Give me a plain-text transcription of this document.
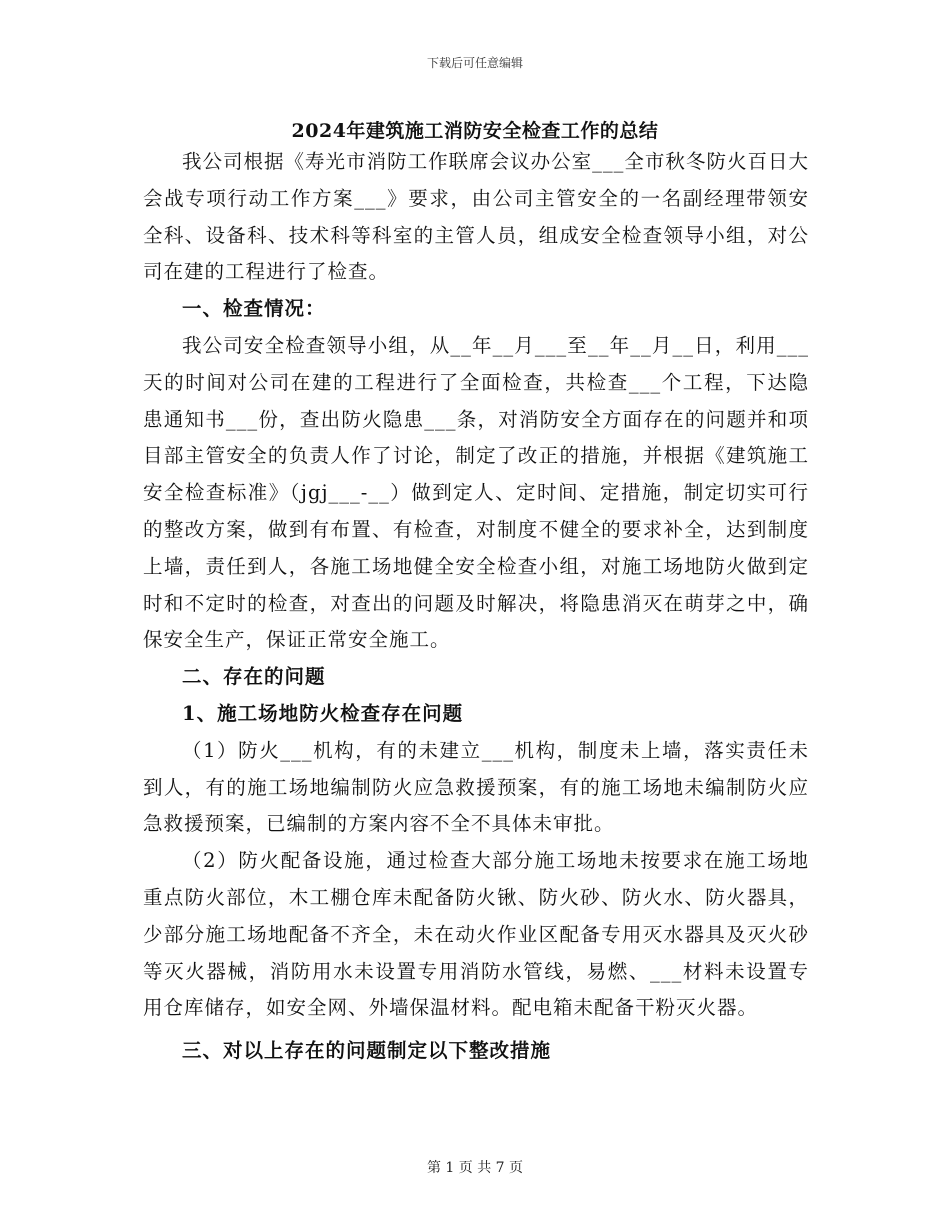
下载后可任意编辑
2024年建筑施工消防安全检查工作的总结

我公司根据《寿光市消防工作联席会议办公室___全市秋冬防火百日大会战专项行动工作方案___》要求，由公司主管安全的一名副经理带领安全科、设备科、技术科等科室的主管人员，组成安全检查领导小组，对公司在建的工程进行了检查。

一、检查情况：

我公司安全检查领导小组，从__年__月___至__年__月__日，利用___天的时间对公司在建的工程进行了全面检查，共检查___个工程，下达隐患通知书___份，查出防火隐患___条，对消防安全方面存在的问题并和项目部主管安全的负责人作了讨论，制定了改正的措施，并根据《建筑施工安全检查标准》（jgj___-__）做到定人、定时间、定措施，制定切实可行的整改方案，做到有布置、有检查，对制度不健全的要求补全，达到制度上墙，责任到人，各施工场地健全安全检查小组，对施工场地防火做到定时和不定时的检查，对查出的问题及时解决，将隐患消灭在萌芽之中，确保安全生产，保证正常安全施工。

二、存在的问题

1、施工场地防火检查存在问题

（1）防火___机构，有的未建立___机构，制度未上墙，落实责任未到人，有的施工场地编制防火应急救援预案，有的施工场地未编制防火应急救援预案，已编制的方案内容不全不具体未审批。

（2）防火配备设施，通过检查大部分施工场地未按要求在施工场地重点防火部位，木工棚仓库未配备防火锹、防火砂、防火水、防火器具，少部分施工场地配备不齐全，未在动火作业区配备专用灭水器具及灭火砂等灭火器械，消防用水未设置专用消防水管线，易燃、___材料未设置专用仓库储存，如安全网、外墙保温材料。配电箱未配备干粉灭火器。

三、对以上存在的问题制定以下整改措施

第 1 页 共 7 页
